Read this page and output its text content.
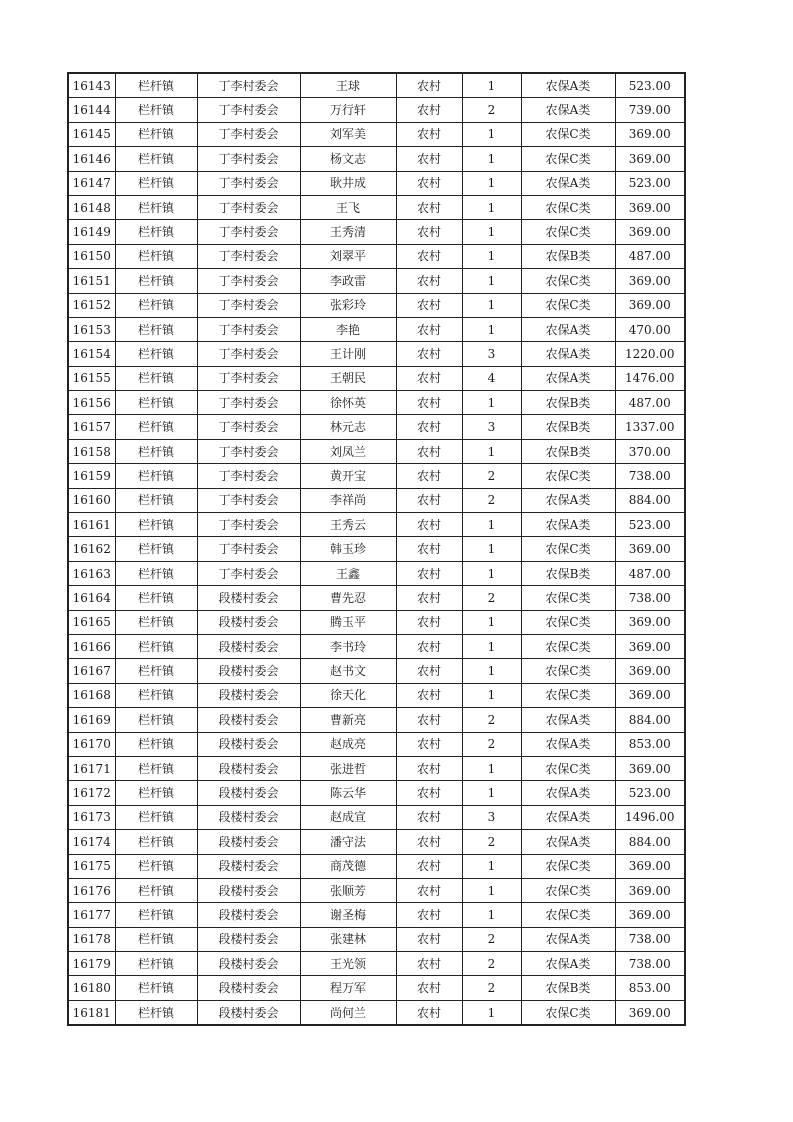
16143	栏杆镇	丁李村委会	王球	农村	1	农保A类	523.00
16144	栏杆镇	丁李村委会	万行轩	农村	2	农保A类	739.00
16145	栏杆镇	丁李村委会	刘军美	农村	1	农保C类	369.00
16146	栏杆镇	丁李村委会	杨文志	农村	1	农保C类	369.00
16147	栏杆镇	丁李村委会	耿井成	农村	1	农保A类	523.00
16148	栏杆镇	丁李村委会	王飞	农村	1	农保C类	369.00
16149	栏杆镇	丁李村委会	王秀清	农村	1	农保C类	369.00
16150	栏杆镇	丁李村委会	刘翠平	农村	1	农保B类	487.00
16151	栏杆镇	丁李村委会	李政雷	农村	1	农保C类	369.00
16152	栏杆镇	丁李村委会	张彩玲	农村	1	农保C类	369.00
16153	栏杆镇	丁李村委会	李艳	农村	1	农保A类	470.00
16154	栏杆镇	丁李村委会	王计刚	农村	3	农保A类	1220.00
16155	栏杆镇	丁李村委会	王朝民	农村	4	农保A类	1476.00
16156	栏杆镇	丁李村委会	徐怀英	农村	1	农保B类	487.00
16157	栏杆镇	丁李村委会	林元志	农村	3	农保B类	1337.00
16158	栏杆镇	丁李村委会	刘凤兰	农村	1	农保B类	370.00
16159	栏杆镇	丁李村委会	黄开宝	农村	2	农保C类	738.00
16160	栏杆镇	丁李村委会	李祥尚	农村	2	农保A类	884.00
16161	栏杆镇	丁李村委会	王秀云	农村	1	农保A类	523.00
16162	栏杆镇	丁李村委会	韩玉珍	农村	1	农保C类	369.00
16163	栏杆镇	丁李村委会	王鑫	农村	1	农保B类	487.00
16164	栏杆镇	段楼村委会	曹先忍	农村	2	农保C类	738.00
16165	栏杆镇	段楼村委会	腾玉平	农村	1	农保C类	369.00
16166	栏杆镇	段楼村委会	李书玲	农村	1	农保C类	369.00
16167	栏杆镇	段楼村委会	赵书文	农村	1	农保C类	369.00
16168	栏杆镇	段楼村委会	徐天化	农村	1	农保C类	369.00
16169	栏杆镇	段楼村委会	曹新亮	农村	2	农保A类	884.00
16170	栏杆镇	段楼村委会	赵成亮	农村	2	农保A类	853.00
16171	栏杆镇	段楼村委会	张进哲	农村	1	农保C类	369.00
16172	栏杆镇	段楼村委会	陈云华	农村	1	农保A类	523.00
16173	栏杆镇	段楼村委会	赵成宣	农村	3	农保A类	1496.00
16174	栏杆镇	段楼村委会	潘守法	农村	2	农保A类	884.00
16175	栏杆镇	段楼村委会	商茂德	农村	1	农保C类	369.00
16176	栏杆镇	段楼村委会	张顺芳	农村	1	农保C类	369.00
16177	栏杆镇	段楼村委会	谢圣梅	农村	1	农保C类	369.00
16178	栏杆镇	段楼村委会	张建林	农村	2	农保A类	738.00
16179	栏杆镇	段楼村委会	王光领	农村	2	农保A类	738.00
16180	栏杆镇	段楼村委会	程万军	农村	2	农保B类	853.00
16181	栏杆镇	段楼村委会	尚何兰	农村	1	农保C类	369.00
